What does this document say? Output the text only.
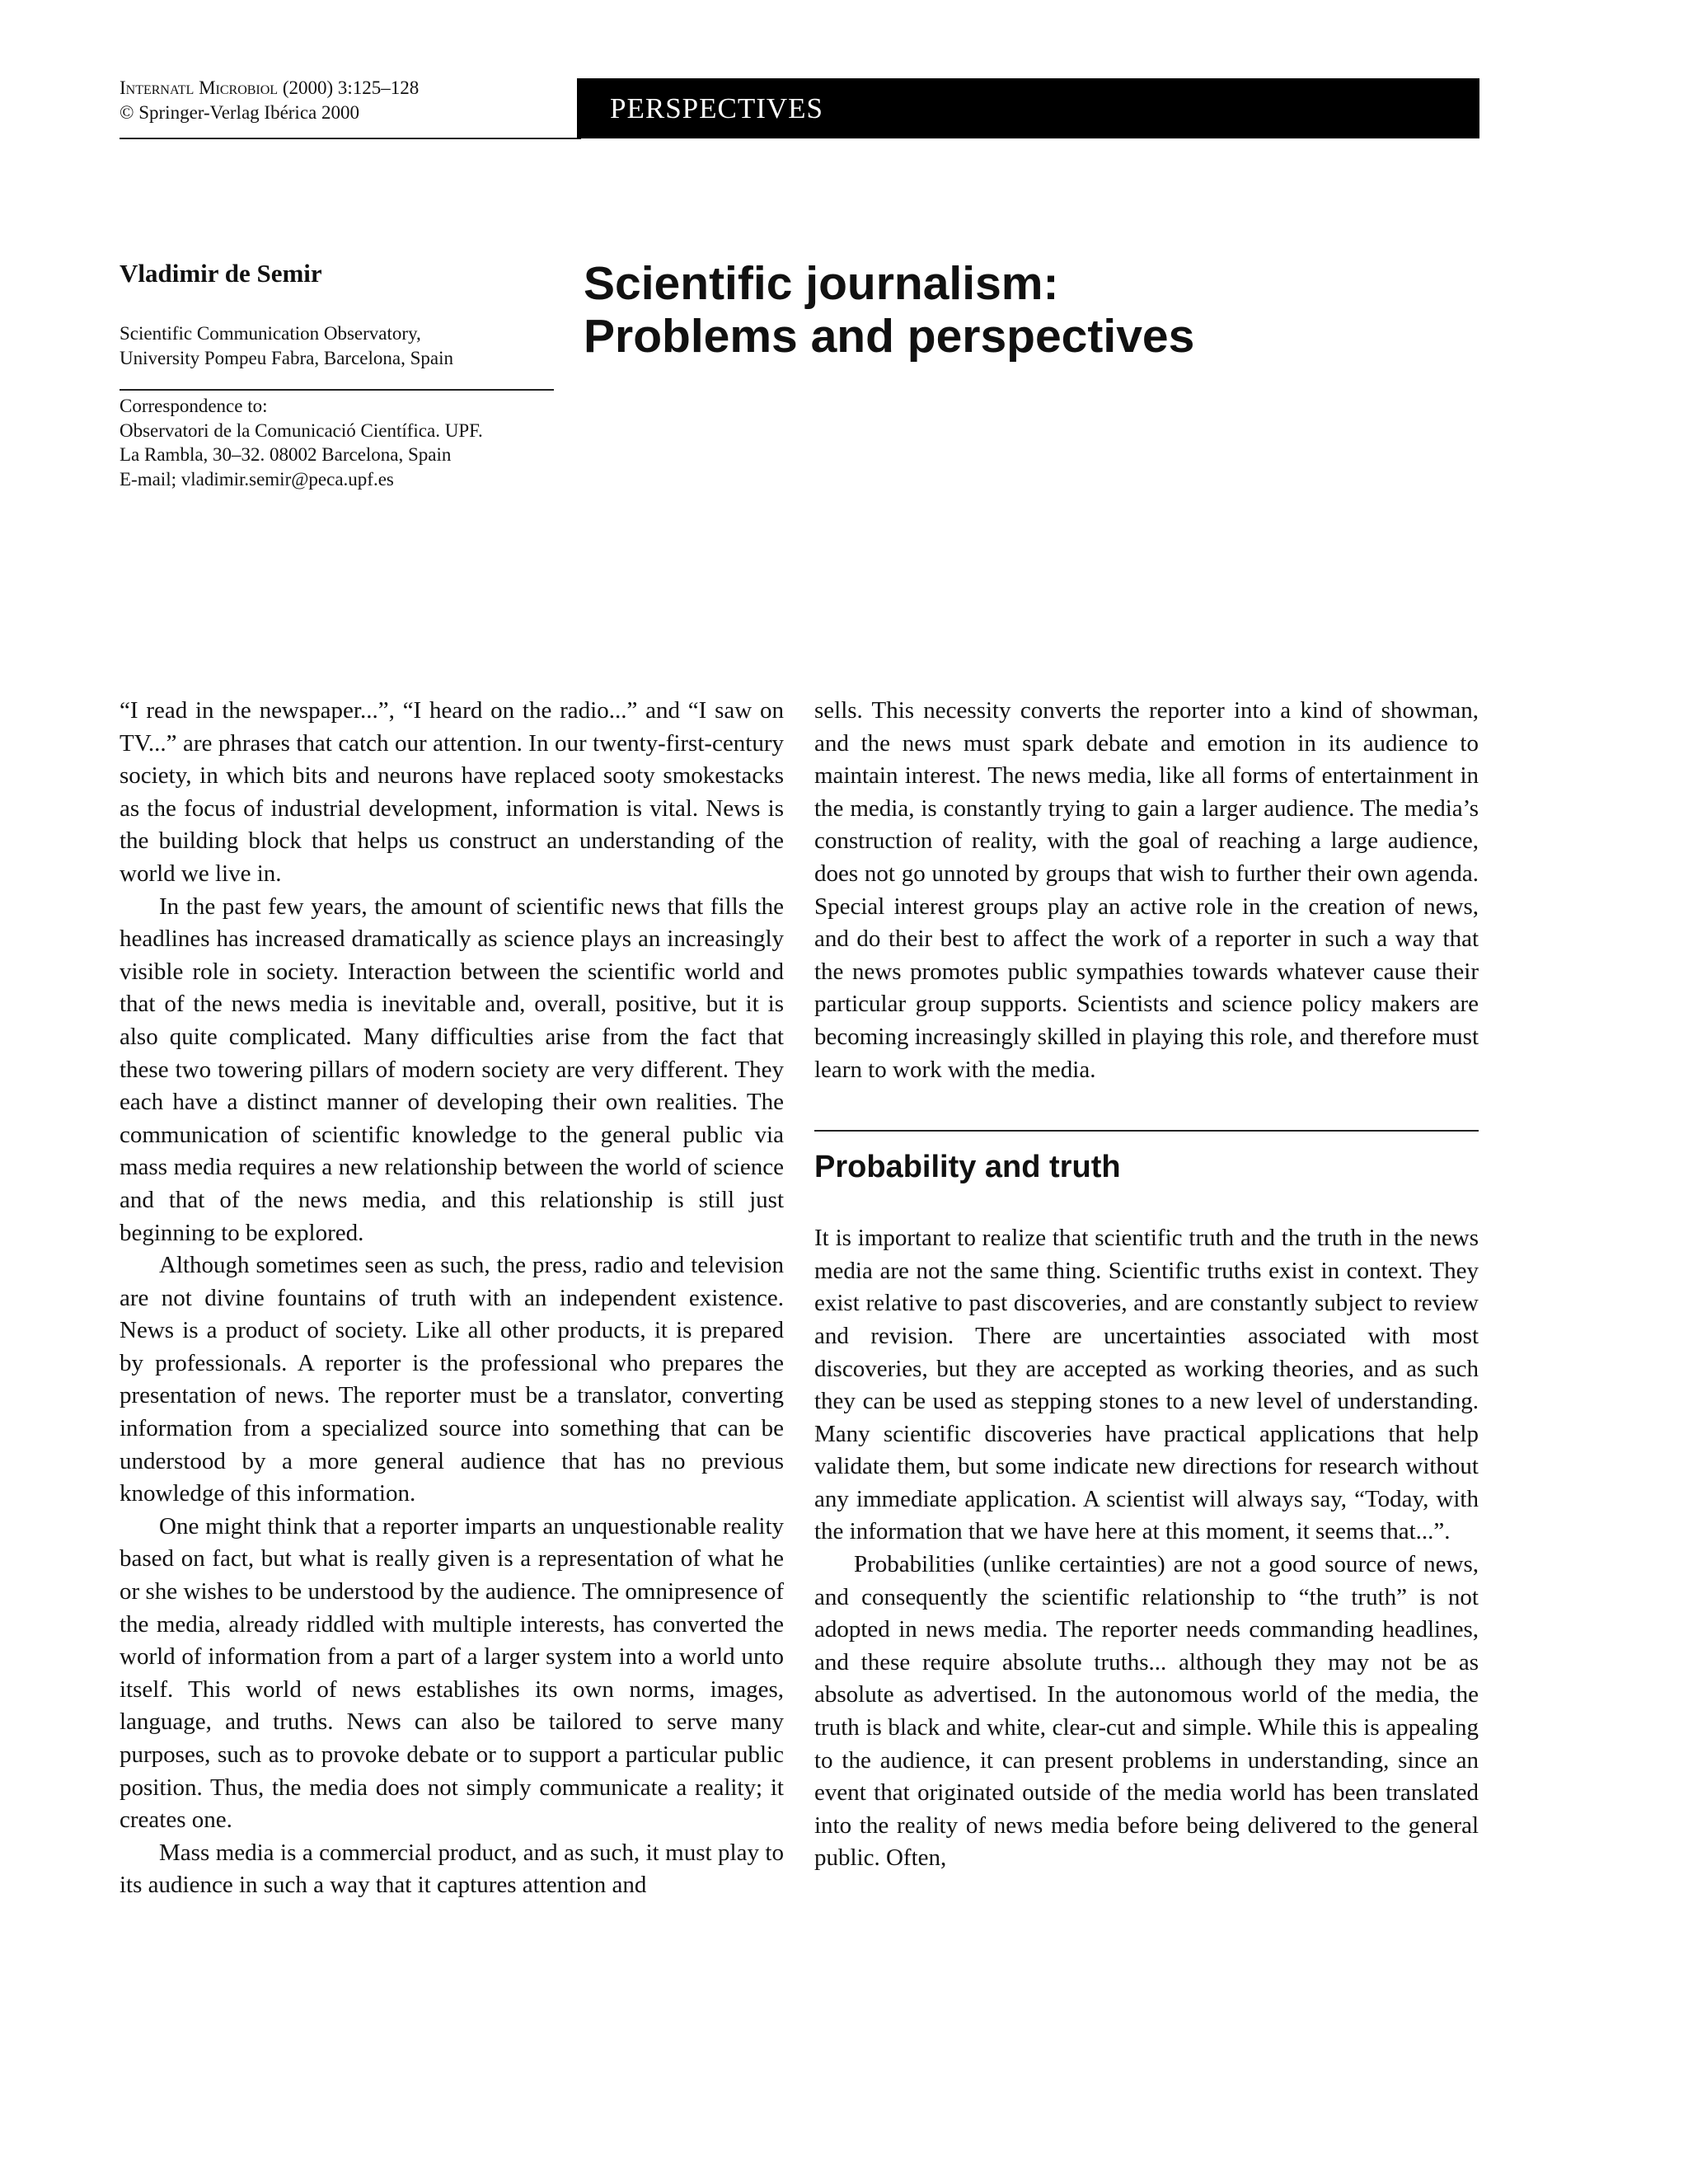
Internatl Microbiol (2000) 3:125–128
© Springer-Verlag Ibérica 2000	PERSPECTIVES
Vladimir de Semir
Scientific Communication Observatory,
University Pompeu Fabra, Barcelona, Spain
Correspondence to:
Observatori de la Comunicació Científica. UPF.
La Rambla, 30–32. 08002 Barcelona, Spain
E-mail; vladimir.semir@peca.upf.es
Scientific journalism:
Problems and perspectives

“I read in the newspaper...”, “I heard on the radio...” and “I saw on TV...” are phrases that catch our attention. In our twenty-first-century society, in which bits and neurons have replaced sooty smokestacks as the focus of industrial development, information is vital. News is the building block that helps us construct an understanding of the world we live in.

In the past few years, the amount of scientific news that fills the headlines has increased dramatically as science plays an increasingly visible role in society. Interaction between the scientific world and that of the news media is inevitable and, overall, positive, but it is also quite complicated. Many difficulties arise from the fact that these two towering pillars of modern society are very different. They each have a distinct manner of developing their own realities. The communication of scientific knowledge to the general public via mass media requires a new relationship between the world of science and that of the news media, and this relationship is still just beginning to be explored.

Although sometimes seen as such, the press, radio and television are not divine fountains of truth with an independent existence. News is a product of society. Like all other products, it is prepared by professionals. A reporter is the professional who prepares the presentation of news. The reporter must be a translator, converting information from a specialized source into something that can be understood by a more general audience that has no previous knowledge of this information.

One might think that a reporter imparts an unquestionable reality based on fact, but what is really given is a representation of what he or she wishes to be understood by the audience. The omnipresence of the media, already riddled with multiple interests, has converted the world of information from a part of a larger system into a world unto itself. This world of news establishes its own norms, images, language, and truths. News can also be tailored to serve many purposes, such as to provoke debate or to support a particular public position. Thus, the media does not simply communicate a reality; it creates one.

Mass media is a commercial product, and as such, it must play to its audience in such a way that it captures attention and

sells. This necessity converts the reporter into a kind of showman, and the news must spark debate and emotion in its audience to maintain interest. The news media, like all forms of entertainment in the media, is constantly trying to gain a larger audience. The media’s construction of reality, with the goal of reaching a large audience, does not go unnoted by groups that wish to further their own agenda. Special interest groups play an active role in the creation of news, and do their best to affect the work of a reporter in such a way that the news promotes public sympathies towards whatever cause their particular group supports. Scientists and science policy makers are becoming increasingly skilled in playing this role, and therefore must learn to work with the media.

Probability and truth

It is important to realize that scientific truth and the truth in the news media are not the same thing. Scientific truths exist in context. They exist relative to past discoveries, and are constantly subject to review and revision. There are uncertainties associated with most discoveries, but they are accepted as working theories, and as such they can be used as stepping stones to a new level of understanding. Many scientific discoveries have practical applications that help validate them, but some indicate new directions for research without any immediate application. A scientist will always say, “Today, with the information that we have here at this moment, it seems that...”.

Probabilities (unlike certainties) are not a good source of news, and consequently the scientific relationship to “the truth” is not adopted in news media. The reporter needs commanding headlines, and these require absolute truths... although they may not be as absolute as advertised. In the autonomous world of the media, the truth is black and white, clear-cut and simple. While this is appealing to the audience, it can present problems in understanding, since an event that originated outside of the media world has been translated into the reality of news media before being delivered to the general public. Often,
